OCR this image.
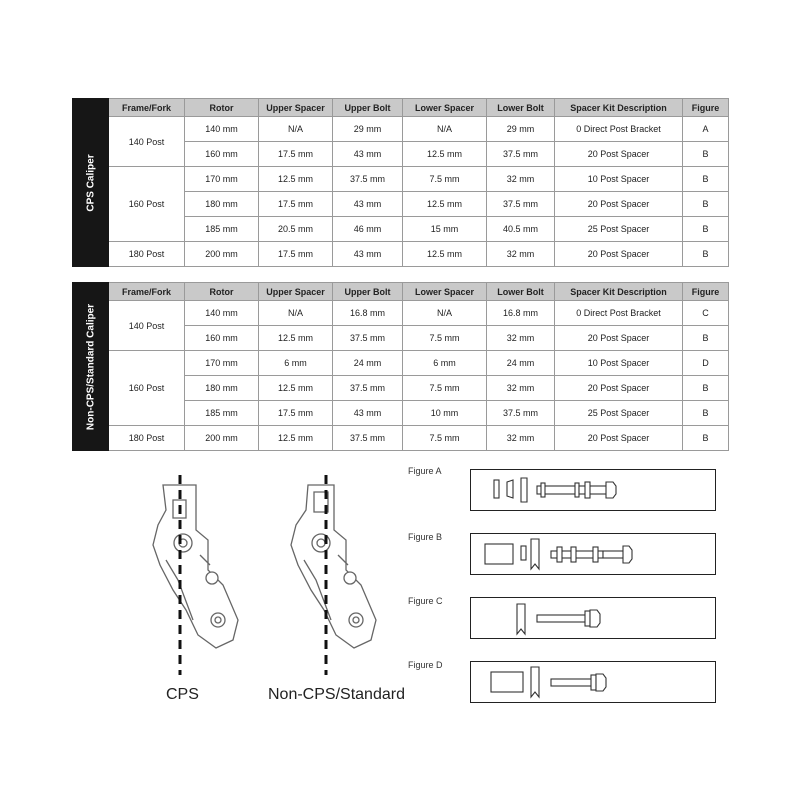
CPS Caliper	Frame/Fork	Rotor	Upper Spacer	Upper Bolt	Lower Spacer	Lower Bolt	Spacer Kit Description	Figure
	140 Post	140 mm	N/A	29 mm	N/A	29 mm	0 Direct Post Bracket	A
		160 mm	17.5 mm	43 mm	12.5 mm	37.5 mm	20 Post Spacer	B
	160 Post	170 mm	12.5 mm	37.5 mm	7.5 mm	32 mm	10 Post Spacer	B
		180 mm	17.5 mm	43 mm	12.5 mm	37.5 mm	20 Post Spacer	B
		185 mm	20.5 mm	46 mm	15 mm	40.5 mm	25 Post Spacer	B
	180 Post	200 mm	17.5 mm	43 mm	12.5 mm	32 mm	20 Post Spacer	B
Non-CPS/Standard Caliper	Frame/Fork	Rotor	Upper Spacer	Upper Bolt	Lower Spacer	Lower Bolt	Spacer Kit Description	Figure
	140 Post	140 mm	N/A	16.8 mm	N/A	16.8 mm	0 Direct Post Bracket	C
		160 mm	12.5 mm	37.5 mm	7.5 mm	32 mm	20 Post Spacer	B
	160 Post	170 mm	6 mm	24 mm	6 mm	24 mm	10 Post Spacer	D
		180 mm	12.5 mm	37.5 mm	7.5 mm	32 mm	20 Post Spacer	B
		185 mm	17.5 mm	43 mm	10 mm	37.5 mm	25 Post Spacer	B
	180 Post	200 mm	12.5 mm	37.5 mm	7.5 mm	32 mm	20 Post Spacer	B
CPS	Non-CPS/Standard
Figure A
Figure B
Figure C
Figure D
